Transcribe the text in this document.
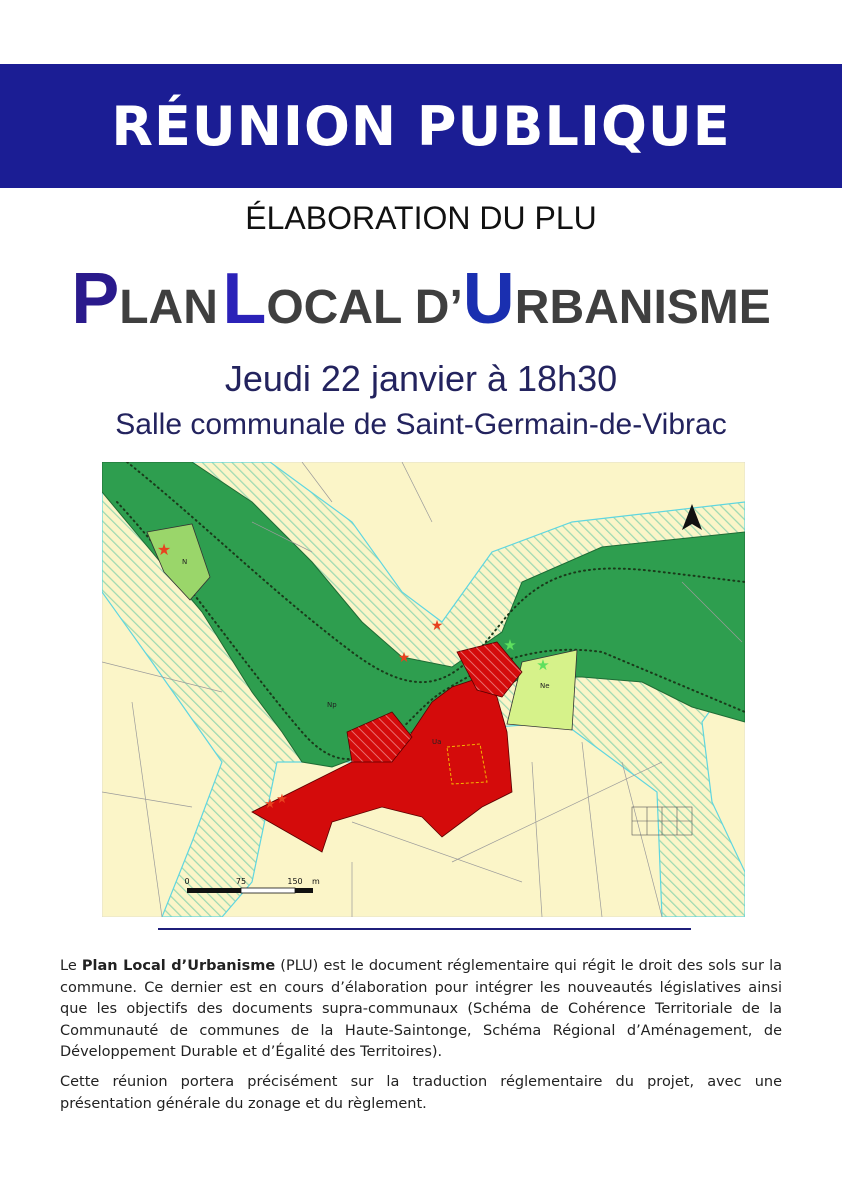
RÉUNION PUBLIQUE
ÉLABORATION DU PLU
PLAN LOCAL D’URBANISME
Jeudi 22 janvier à 18h30
Salle communale de Saint-Germain-de-Vibrac
★
★
★
★ ★
★
★
N
Np
Ua
Ne
0	75	150 m

Le Plan Local d’Urbanisme (PLU) est le document réglementaire qui régit le droit des sols sur la commune. Ce dernier est en cours d’élaboration pour intégrer les nouveautés législatives ainsi que les objectifs des documents supra-communaux (Schéma de Cohérence Territoriale de la Communauté de communes de la Haute-Saintonge, Schéma Régional d’Aménagement, de Développement Durable et d’Égalité des Territoires).

Cette réunion portera précisément sur la traduction réglementaire du projet, avec une présentation générale du zonage et du règlement.
